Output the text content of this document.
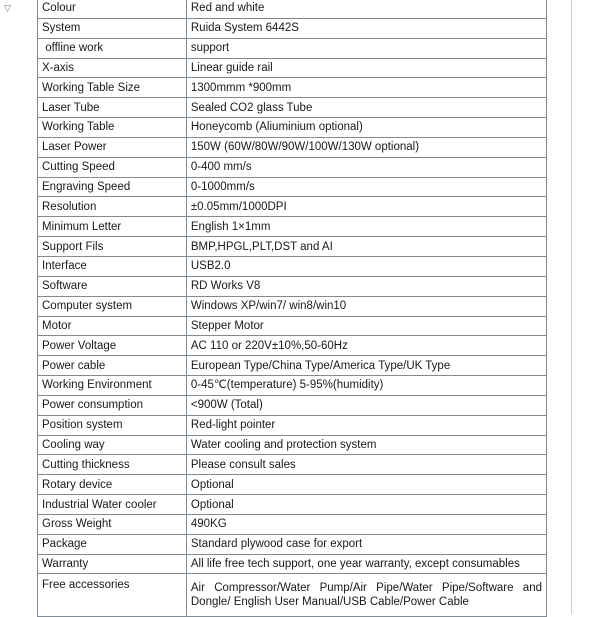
▽	Colour	Red and white
System	Ruida System 6442S
offline work	support
X-axis	Linear guide rail
Working Table Size	1300mmm *900mm
Laser Tube	Sealed CO2 glass Tube
Working Table	Honeycomb (Aliuminium optional)
Laser Power	150W (60W/80W/90W/100W/130W optional)
Cutting Speed	0-400 mm/s
Engraving Speed	0-1000mm/s
Resolution	±0.05mm/1000DPI
Minimum Letter	English 1×1mm
Support Fils	BMP,HPGL,PLT,DST and AI
Interface	USB2.0
Software	RD Works V8
Computer system	Windows XP/win7/ win8/win10
Motor	Stepper Motor
Power Voltage	AC 110 or 220V±10%,50-60Hz
Power cable	European Type/China Type/America Type/UK Type
Working Environment	0-45℃(temperature) 5-95%(humidity)
Power consumption	<900W (Total)
Position system	Red-light pointer
Cooling way	Water cooling and protection system
Cutting thickness	Please consult sales
Rotary device	Optional
Industrial Water cooler	Optional
Gross Weight	490KG
Package	Standard plywood case for export
Warranty	All life free tech support, one year warranty, except consumables
Free accessories	Air Compressor/Water Pump/Air Pipe/Water Pipe/Software and Dongle/ English User Manual/USB Cable/Power Cable
